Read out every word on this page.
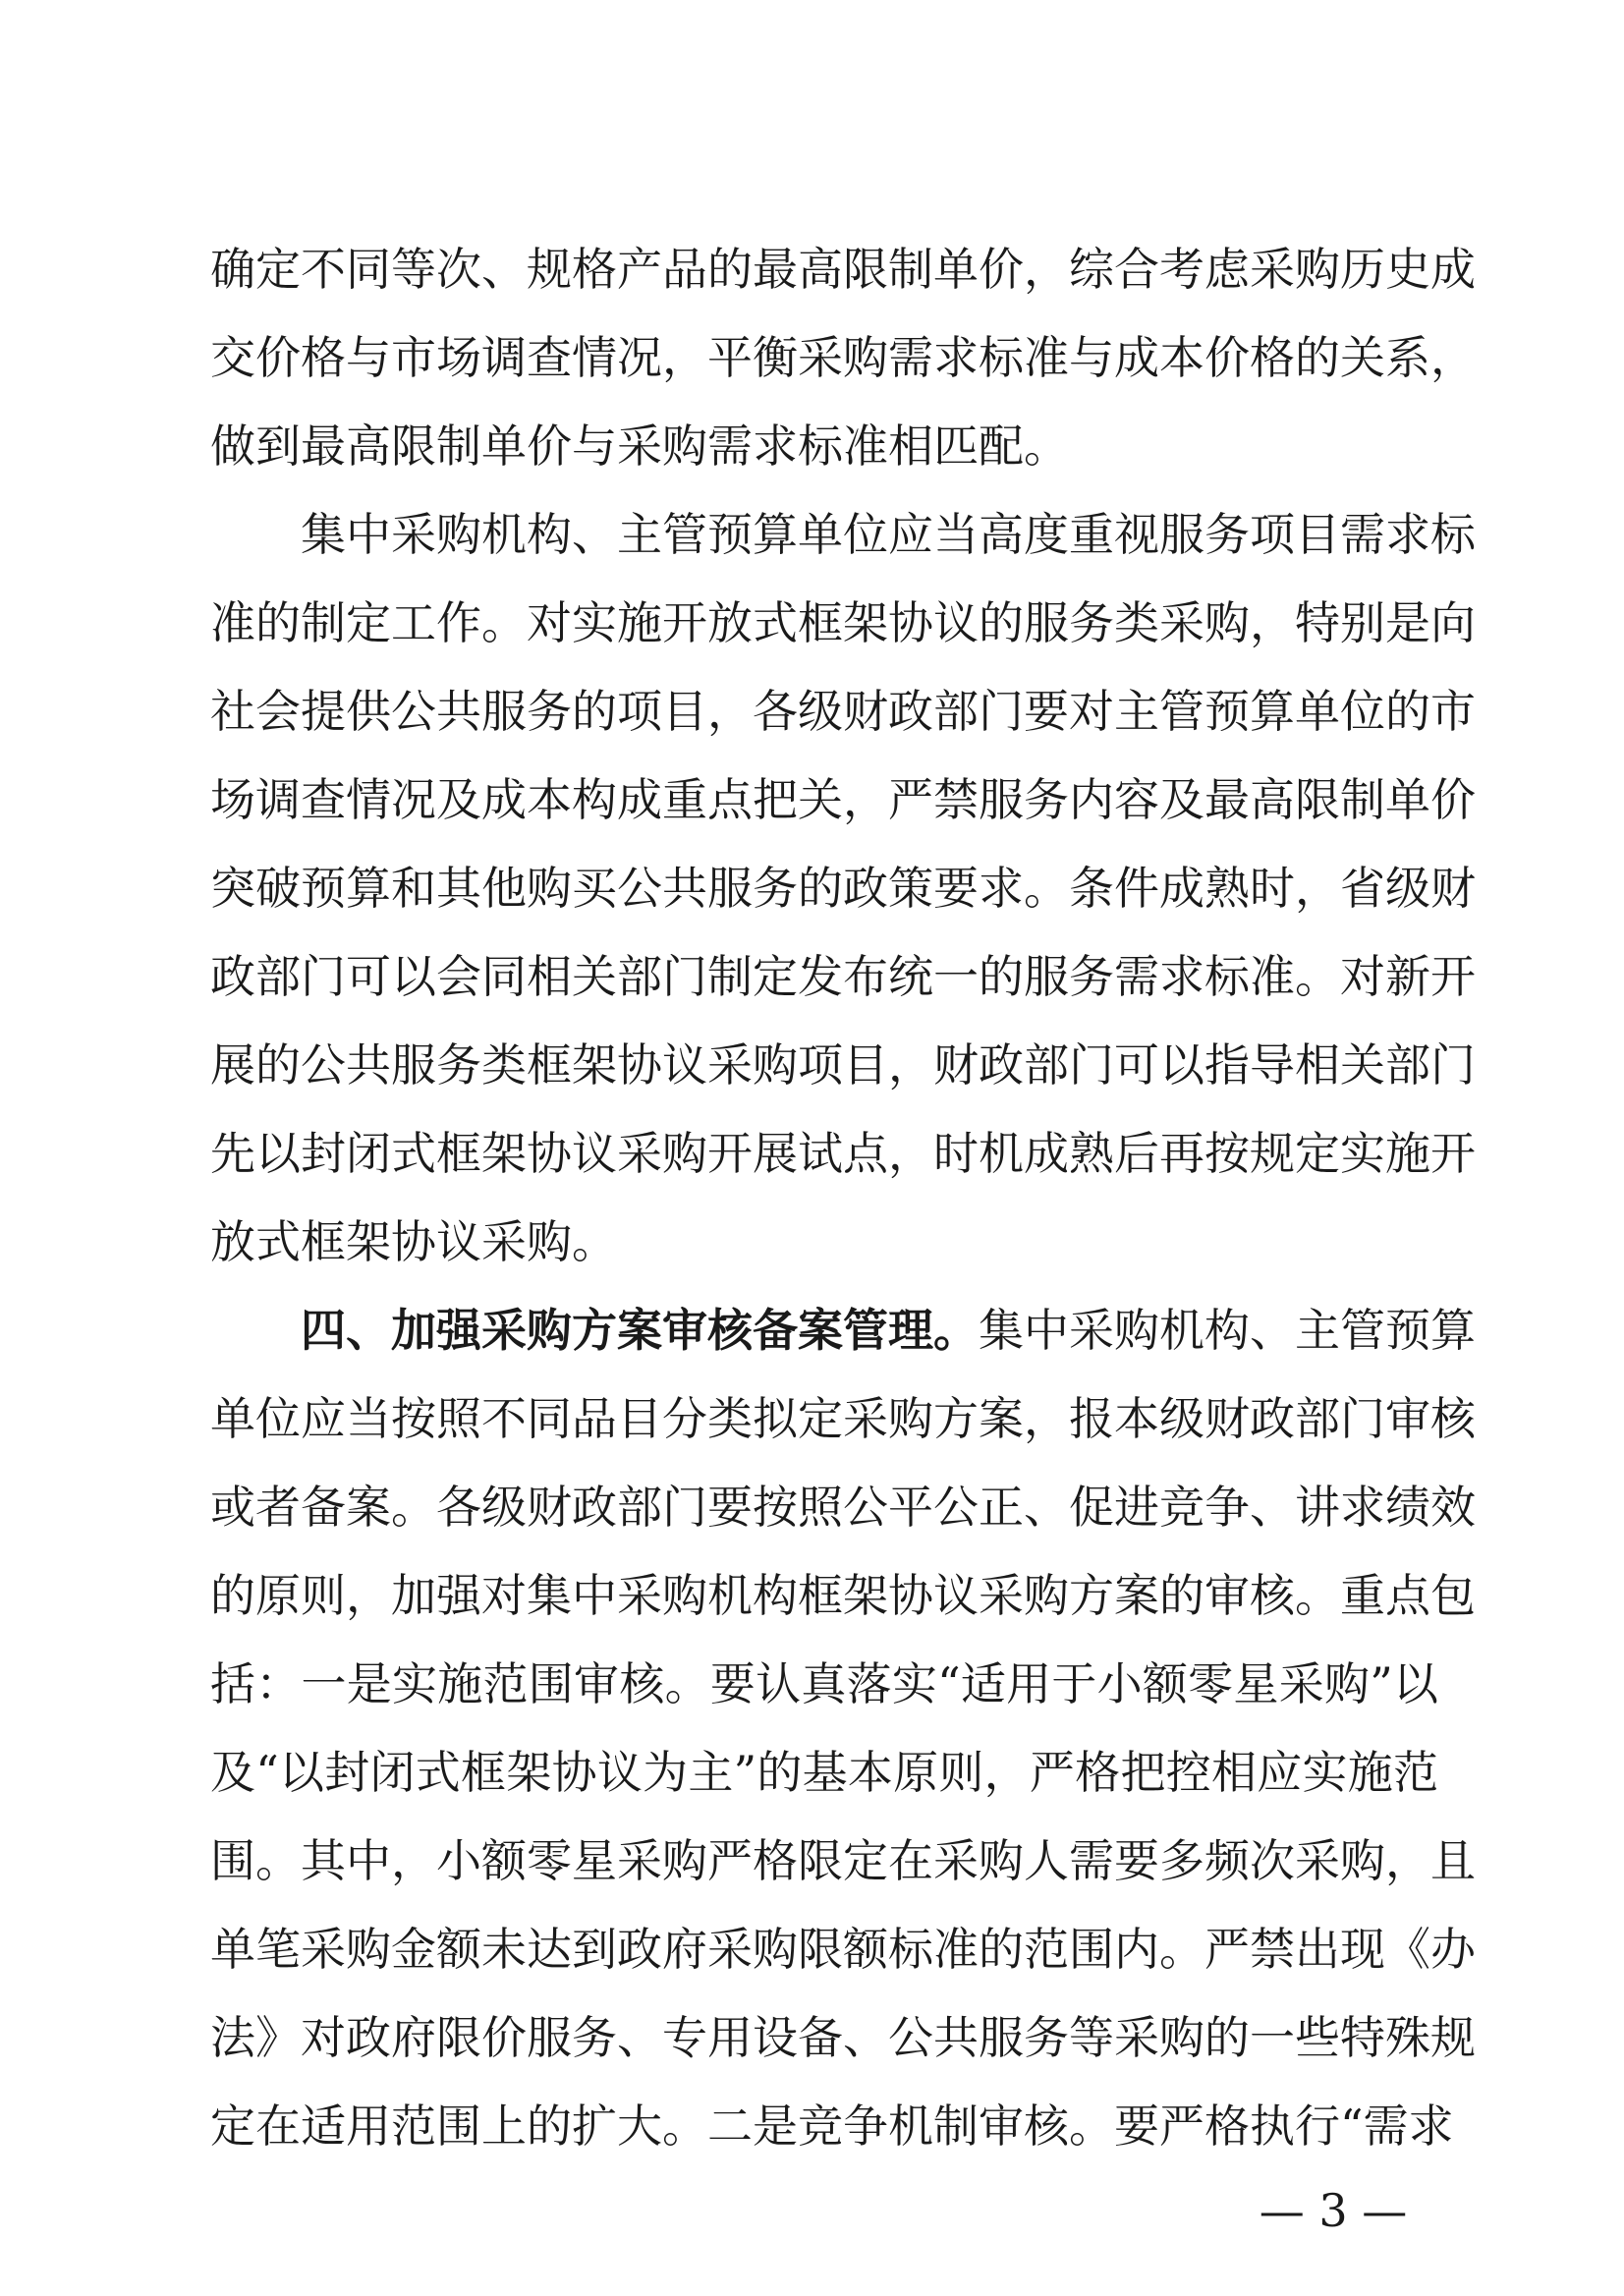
确定不同等次、规格产品的最高限制单价，综合考虑采购历史成
交价格与市场调查情况，平衡采购需求标准与成本价格的关系，
做到最高限制单价与采购需求标准相匹配。
集中采购机构、主管预算单位应当高度重视服务项目需求标
准的制定工作。对实施开放式框架协议的服务类采购，特别是向
社会提供公共服务的项目，各级财政部门要对主管预算单位的市
场调查情况及成本构成重点把关，严禁服务内容及最高限制单价
突破预算和其他购买公共服务的政策要求。条件成熟时，省级财
政部门可以会同相关部门制定发布统一的服务需求标准。对新开
展的公共服务类框架协议采购项目，财政部门可以指导相关部门
先以封闭式框架协议采购开展试点，时机成熟后再按规定实施开
放式框架协议采购。
四、加强采购方案审核备案管理。集中采购机构、主管预算
单位应当按照不同品目分类拟定采购方案，报本级财政部门审核
或者备案。各级财政部门要按照公平公正、促进竞争、讲求绩效
的原则，加强对集中采购机构框架协议采购方案的审核。重点包
括：一是实施范围审核。要认真落实“适用于小额零星采购”以
及“以封闭式框架协议为主”的基本原则，严格把控相应实施范
围。其中，小额零星采购严格限定在采购人需要多频次采购，且
单笔采购金额未达到政府采购限额标准的范围内。严禁出现《办
法》对政府限价服务、专用设备、公共服务等采购的一些特殊规
定在适用范围上的扩大。二是竞争机制审核。要严格执行“需求
— 3 —
